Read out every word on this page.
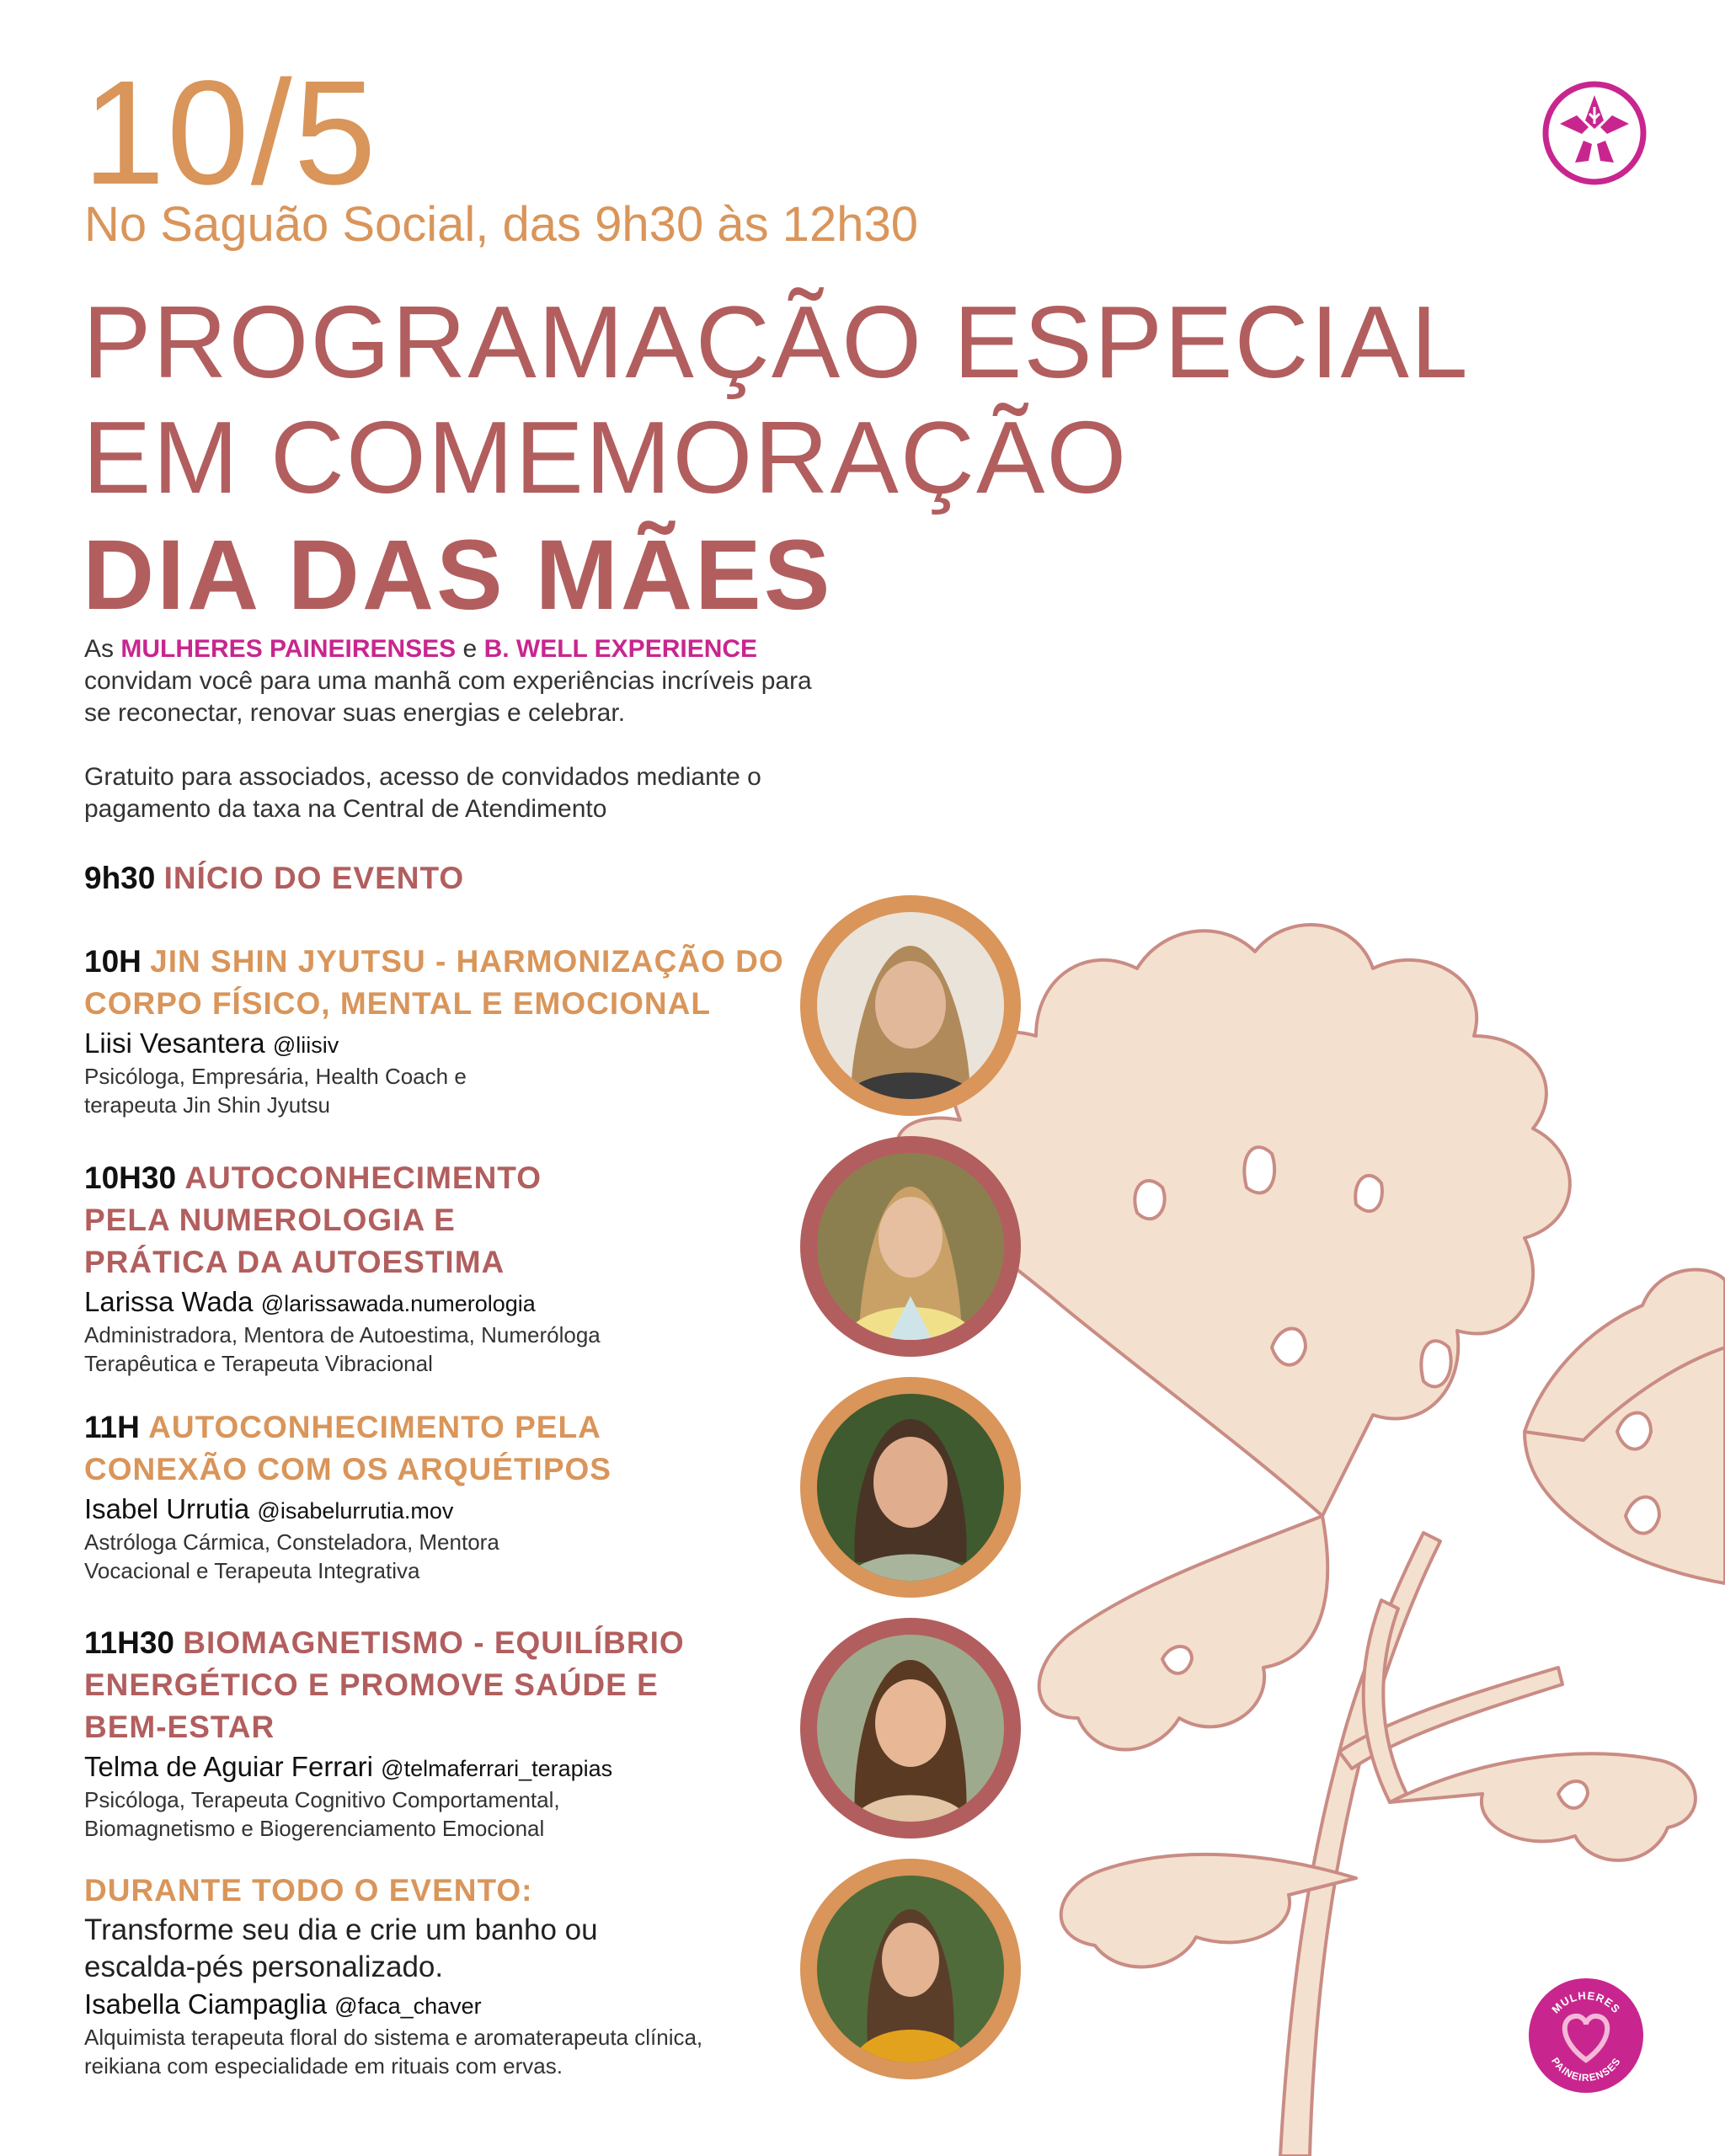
10/5
No Saguão Social, das 9h30 às 12h30
PROGRAMAÇÃO ESPECIAL
EM COMEMORAÇÃO
DIA DAS MÃES
As MULHERES PAINEIRENSES e B. WELL EXPERIENCE
convidam você para uma manhã com experiências incríveis para se reconectar, renovar suas energias e celebrar.
Gratuito para associados, acesso de convidados mediante o pagamento da taxa na Central de Atendimento
9h30 INÍCIO DO EVENTO
10H JIN SHIN JYUTSU - HARMONIZAÇÃO DO CORPO FÍSICO, MENTAL E EMOCIONAL
Liisi Vesantera @liisiv
Psicóloga, Empresária, Health Coach e terapeuta Jin Shin Jyutsu
10H30 AUTOCONHECIMENTO PELA NUMEROLOGIA E PRÁTICA DA AUTOESTIMA
Larissa Wada @larissawada.numerologia
Administradora, Mentora de Autoestima, Numeróloga Terapêutica e Terapeuta Vibracional
11H AUTOCONHECIMENTO PELA CONEXÃO COM OS ARQUÉTIPOS
Isabel Urrutia @isabelurrutia.mov
Astróloga Cármica, Consteladora, Mentora Vocacional e Terapeuta Integrativa
11H30 BIOMAGNETISMO - EQUILÍBRIO ENERGÉTICO E PROMOVE SAÚDE E BEM-ESTAR
Telma de Aguiar Ferrari @telmaferrari_terapias
Psicóloga, Terapeuta Cognitivo Comportamental, Biomagnetismo e Biogerenciamento Emocional
DURANTE TODO O EVENTO:
Transforme seu dia e crie um banho ou escalda-pés personalizado.
Isabella Ciampaglia @faca_chaver
Alquimista terapeuta floral do sistema e aromaterapeuta clínica, reikiana com especialidade em rituais com ervas.
MULHERES
PAINEIRENSES
